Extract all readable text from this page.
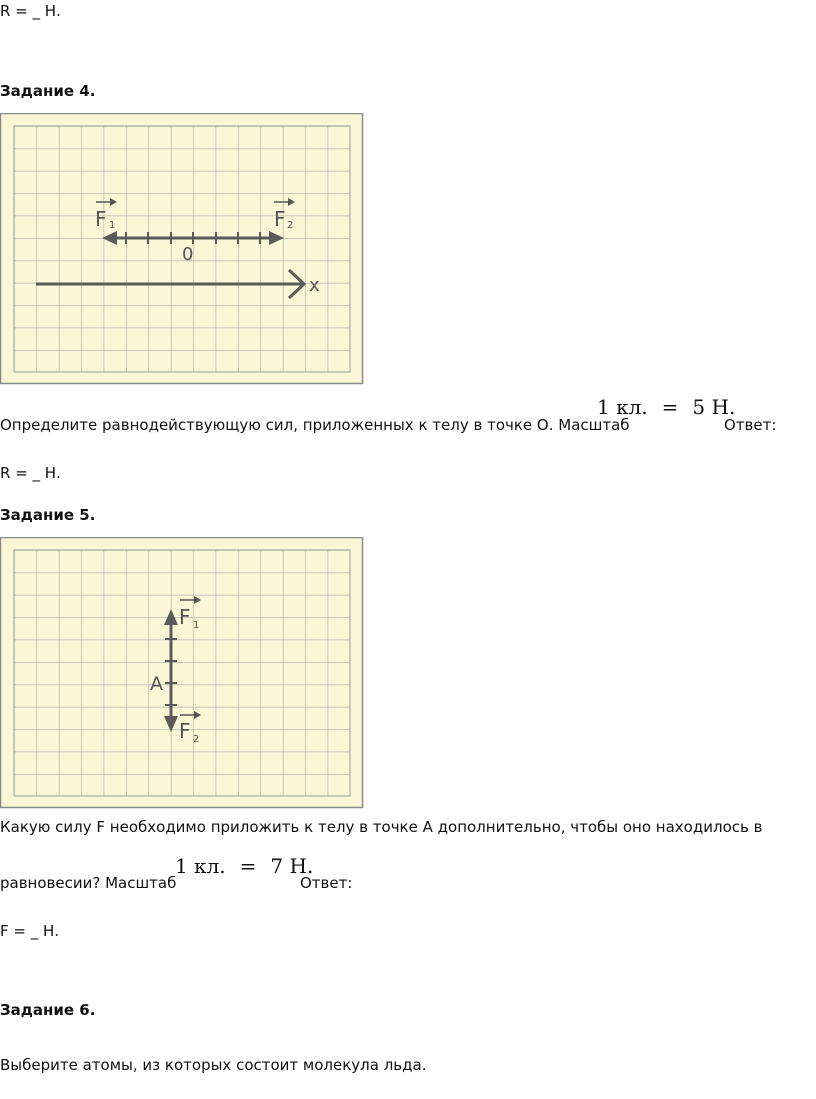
R = _ Н.
Задание 4.
F 1	F 2
0
x
Определите равнодействующую сил, приложенных к телу в точке О. Масштаб
1 кл. = 5 Н.
Ответ:
R = _ Н.
Задание 5.
F 1
F 2
A
Какую силу F необходимо приложить к телу в точке А дополнительно, чтобы оно находилось в
равновесии? Масштаб
1 кл. = 7 Н.
Ответ:
F = _ Н.
Задание 6.
Выберите атомы, из которых состоит молекула льда.
